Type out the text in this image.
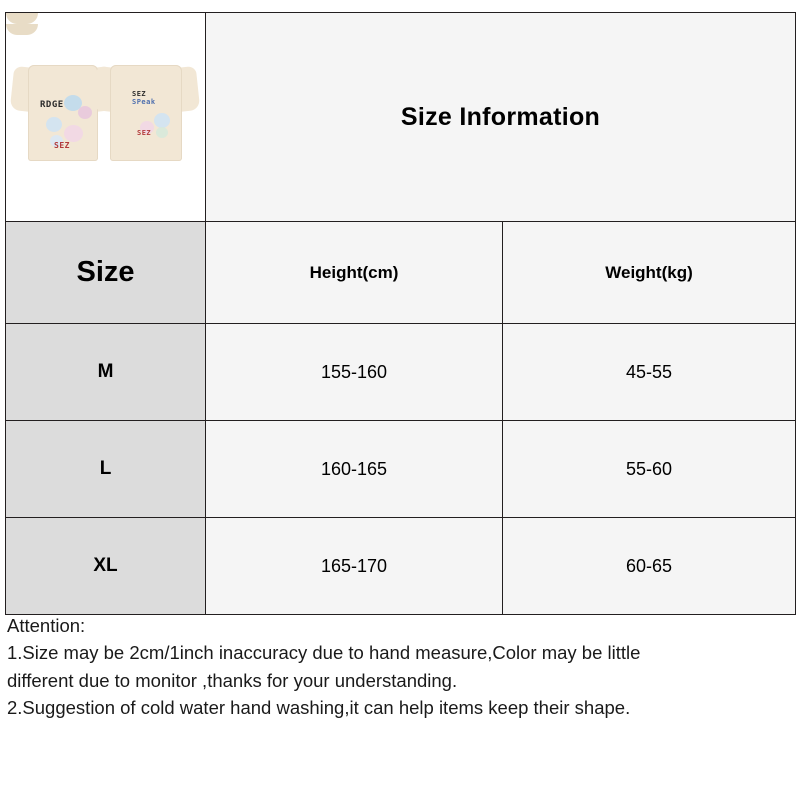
RDGE
SEZ
SEZ
SPeak
SEZ	Size Information	
Size	Height(cm)	Weight(kg)
M	155-160	45-55
L	160-165	55-60
XL	165-170	60-65

Attention:

1.Size may be 2cm/1inch inaccuracy due to hand measure,Color may be little

different due to monitor ,thanks for your understanding.

2.Suggestion of cold water hand washing,it can help items keep their shape.
